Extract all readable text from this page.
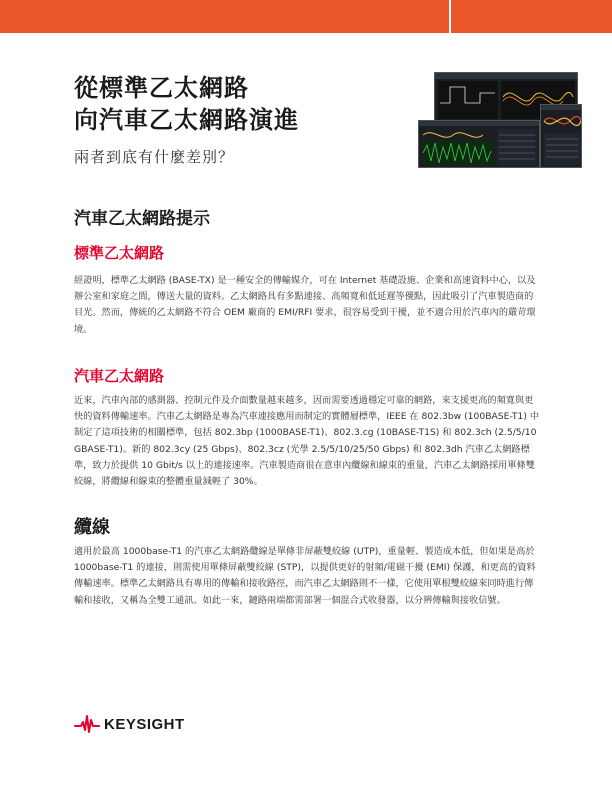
從標準乙太網路
向汽車乙太網路演進
兩者到底有什麼差別？
汽車乙太網路提示
標準乙太網路
經證明，標準乙太網路 (BASE-TX) 是一種安全的傳輸媒介，可在 Internet 基礎設施、企業和高速資料中心，以及辦公室和家庭之間，傳送大量的資料。乙太網路具有多點連接、高頻寬和低延遲等優點，因此吸引了汽車製造商的目光。然而，傳統的乙太網路不符合 OEM 廠商的 EMI/RFI 要求，很容易受到干擾，並不適合用於汽車內的嚴苛環境。
汽車乙太網路
近來，汽車內部的感測器、控制元件及介面數量越來越多，因而需要透過穩定可靠的網路，來支援更高的頻寬與更快的資料傳輸速率。汽車乙太網路是專為汽車連接應用而制定的實體層標準，IEEE 在 802.3bw (100BASE-T1) 中制定了這項技術的相關標準，包括 802.3bp (1000BASE-T1)、802.3.cg (10BASE-T1S) 和 802.3ch (2.5/5/10 GBASE-T1)。新的 802.3cy (25 Gbps)、802.3cz (光學 2.5/5/10/25/50 Gbps) 和 802.3dh 汽車乙太網路標準，致力於提供 10 Gbit/s 以上的連接速率。汽車製造商很在意車內纜線和線束的重量，汽車乙太網路採用單條雙絞線，將纜線和線束的整體重量減輕了 30%。
纜線
適用於最高 1000base-T1 的汽車乙太網路纜線是單條非屏蔽雙絞線 (UTP)，重量輕、製造成本低，但如果是高於 1000base-T1 的連接，則需使用單條屏蔽雙絞線 (STP)，以提供更好的射頻/電磁干擾 (EMI) 保護，和更高的資料傳輸速率。標準乙太網路具有專用的傳輸和接收路徑，而汽車乙太網路則不一樣，它使用單根雙絞線來同時進行傳輸和接收，又稱為全雙工通訊。如此一來，鏈路兩端都需部署一個混合式收發器，以分辨傳輸與接收信號。
KEYSIGHT
